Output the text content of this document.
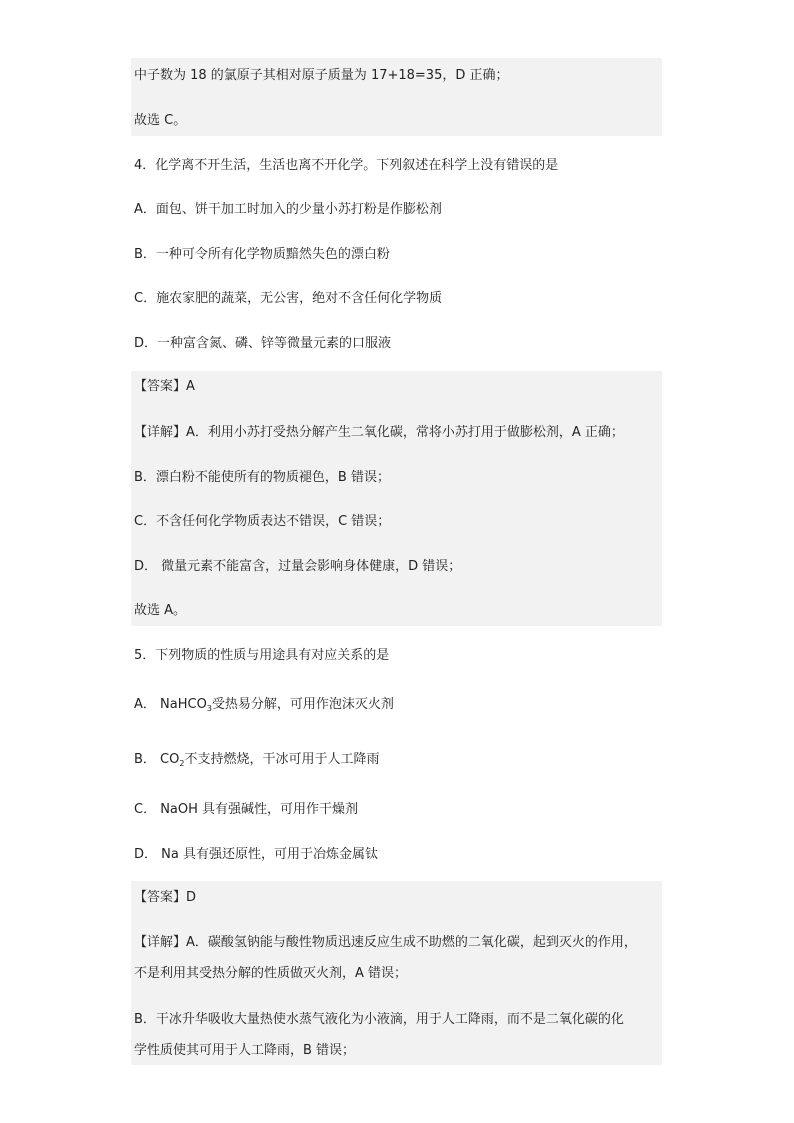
中子数为 18 的氯原子其相对原子质量为 17+18=35，D 正确；
故选 C。
4．化学离不开生活，生活也离不开化学。下列叙述在科学上没有错误的是
A．面包、饼干加工时加入的少量小苏打粉是作膨松剂
B．一种可令所有化学物质黯然失色的漂白粉
C．施农家肥的蔬菜，无公害，绝对不含任何化学物质
D．一种富含氮、磷、锌等微量元素的口服液
【答案】A
【详解】A．利用小苏打受热分解产生二氧化碳，常将小苏打用于做膨松剂，A 正确；
B．漂白粉不能使所有的物质褪色，B 错误；
C．不含任何化学物质表达不错误，C 错误；
D． 微量元素不能富含，过量会影响身体健康，D 错误；
故选 A。
5．下列物质的性质与用途具有对应关系的是
A． NaHCO$_3$受热易分解，可用作泡沫灭火剂
B． $CO_2$不支持燃烧，干冰可用于人工降雨
C． NaOH 具有强碱性，可用作干燥剂
D． Na 具有强还原性，可用于冶炼金属钛
【答案】D
【详解】A．碳酸氢钠能与酸性物质迅速反应生成不助燃的二氧化碳，起到灭火的作用，
不是利用其受热分解的性质做灭火剂，A 错误；
B．干冰升华吸收大量热使水蒸气液化为小液滴，用于人工降雨，而不是二氧化碳的化
学性质使其可用于人工降雨，B 错误；
